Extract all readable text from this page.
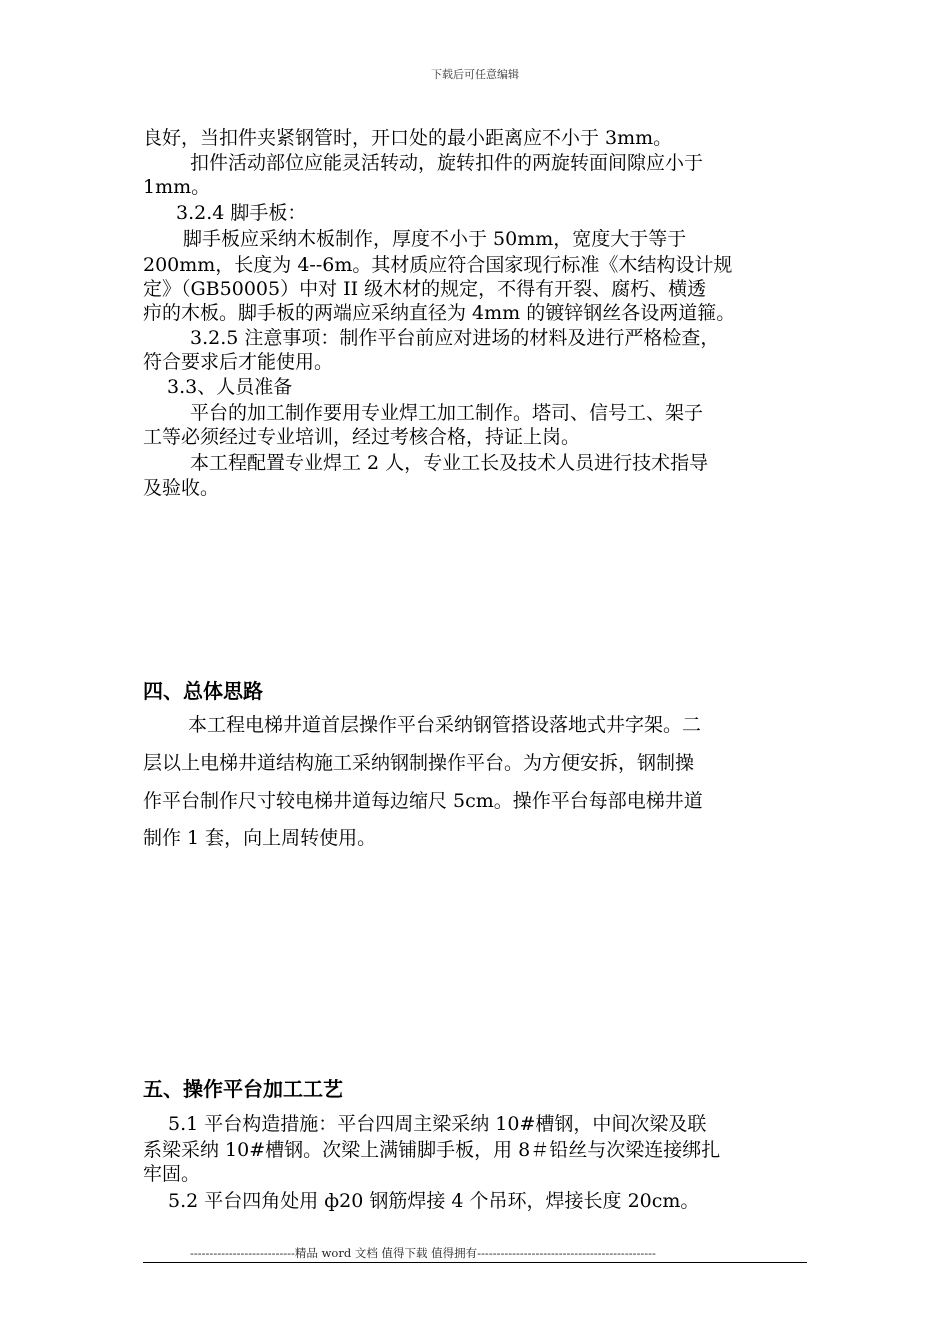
下载后可任意编辑
良好，当扣件夹紧钢管时，开口处的最小距离应不小于 3mm。
扣件活动部位应能灵活转动，旋转扣件的两旋转面间隙应小于
1mm。
3.2.4 脚手板：
脚手板应采纳木板制作，厚度不小于 50mm，宽度大于等于
200mm，长度为 4--6m。其材质应符合国家现行标准《木结构设计规
定》（GB50005）中对 II 级木材的规定，不得有开裂、腐朽、横透
疖的木板。脚手板的两端应采纳直径为 4mm 的镀锌钢丝各设两道箍。
3.2.5 注意事项：制作平台前应对进场的材料及进行严格检查，
符合要求后才能使用。
3.3、人员准备
平台的加工制作要用专业焊工加工制作。塔司、信号工、架子
工等必须经过专业培训，经过考核合格，持证上岗。
本工程配置专业焊工 2 人，专业工长及技术人员进行技术指导
及验收。
四、总体思路
本工程电梯井道首层操作平台采纳钢管搭设落地式井字架。二
层以上电梯井道结构施工采纳钢制操作平台。为方便安拆，钢制操
作平台制作尺寸较电梯井道每边缩尺 5cm。操作平台每部电梯井道
制作 1 套，向上周转使用。
五、操作平台加工工艺
5.1 平台构造措施：平台四周主梁采纳 10#槽钢，中间次梁及联
系梁采纳 10#槽钢。次梁上满铺脚手板，用 8＃铅丝与次梁连接绑扎
牢固。
5.2 平台四角处用 ф20 钢筋焊接 4 个吊环，焊接长度 20cm。
---------------------------精品 word 文档 值得下载 值得拥有----------------------------------------------
